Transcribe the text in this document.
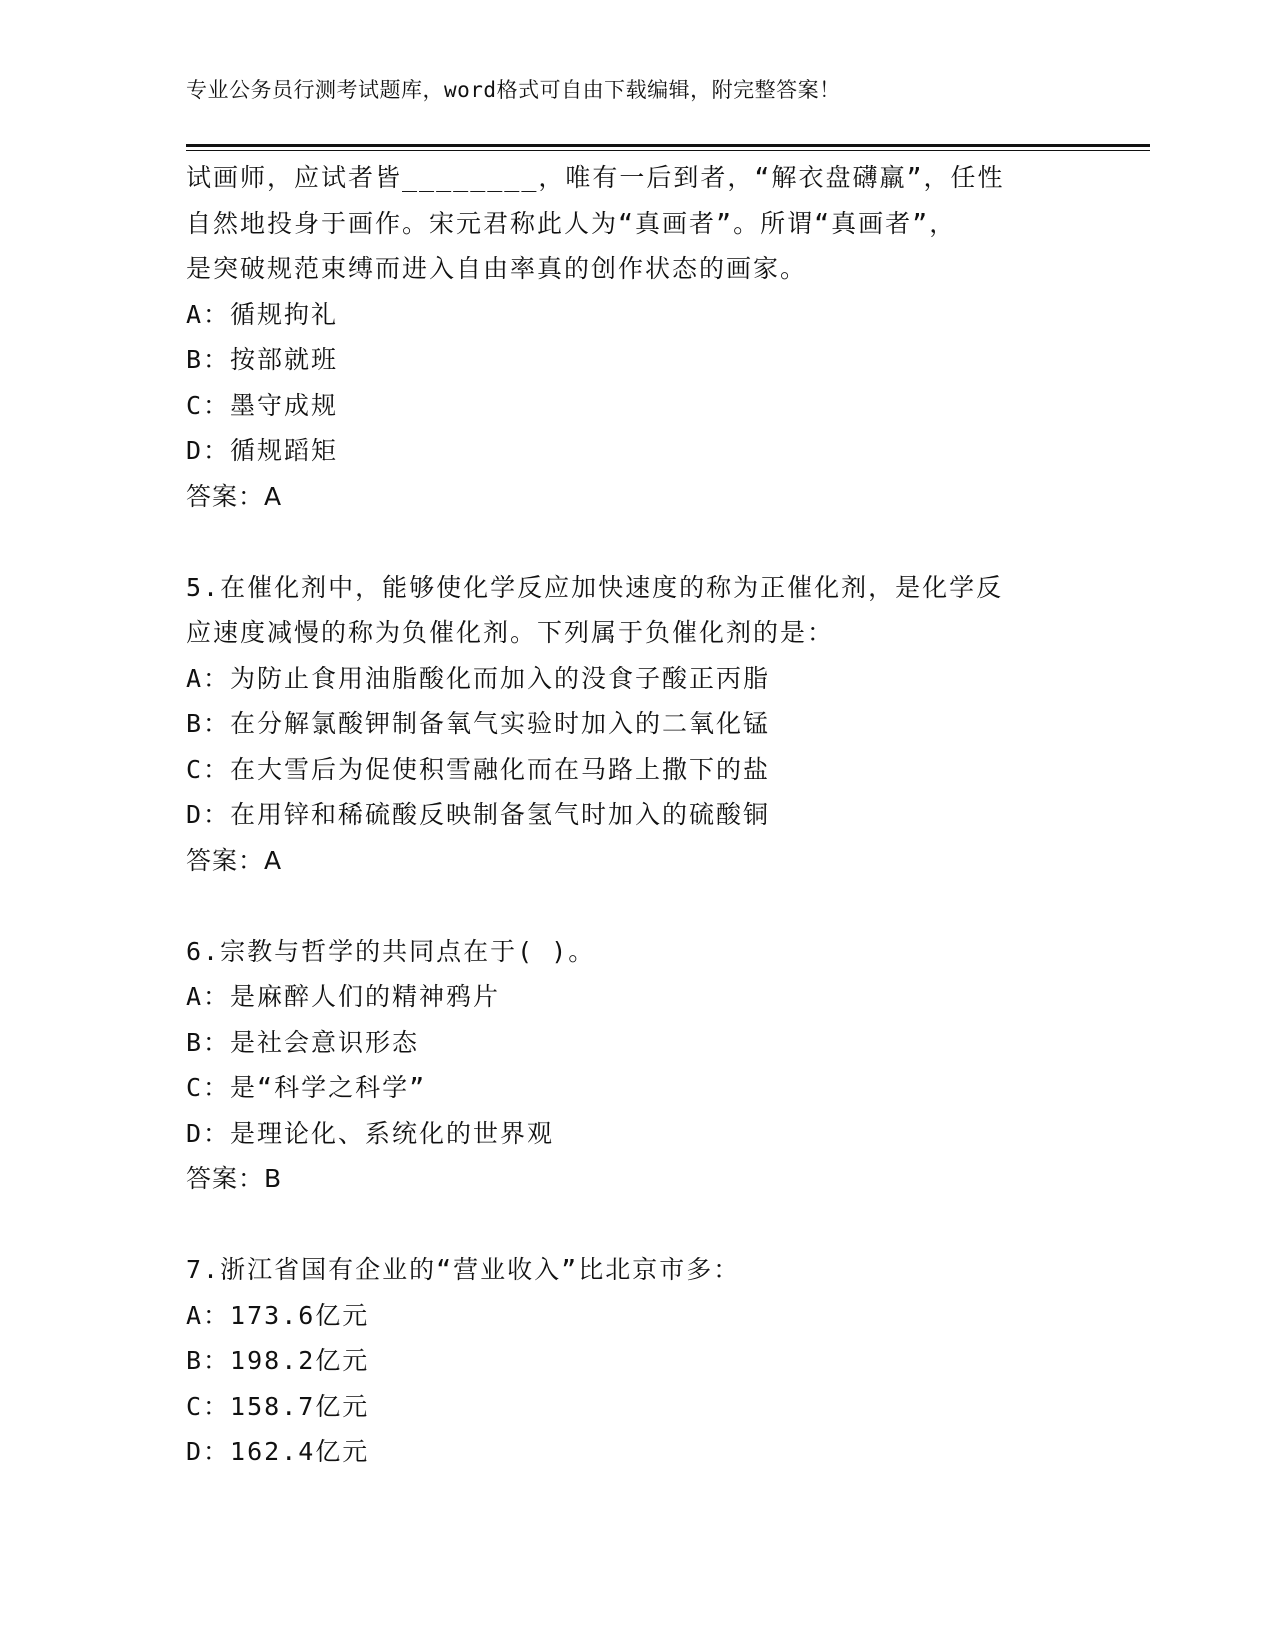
专业公务员行测考试题库，word格式可自由下载编辑，附完整答案！
试画师，应试者皆________，唯有一后到者，“解衣盘礴羸”，任性
自然地投身于画作。宋元君称此人为“真画者”。所谓“真画者”，
是突破规范束缚而进入自由率真的创作状态的画家。
A：循规拘礼
B：按部就班
C：墨守成规
D：循规蹈矩
答案：A
5.在催化剂中，能够使化学反应加快速度的称为正催化剂，是化学反
应速度减慢的称为负催化剂。下列属于负催化剂的是：
A：为防止食用油脂酸化而加入的没食子酸正丙脂
B：在分解氯酸钾制备氧气实验时加入的二氧化锰
C：在大雪后为促使积雪融化而在马路上撒下的盐
D：在用锌和稀硫酸反映制备氢气时加入的硫酸铜
答案：A
6.宗教与哲学的共同点在于( )。
A：是麻醉人们的精神鸦片
B：是社会意识形态
C：是“科学之科学”
D：是理论化、系统化的世界观
答案：B
7.浙江省国有企业的“营业收入”比北京市多：
A：173.6亿元
B：198.2亿元
C：158.7亿元
D：162.4亿元
